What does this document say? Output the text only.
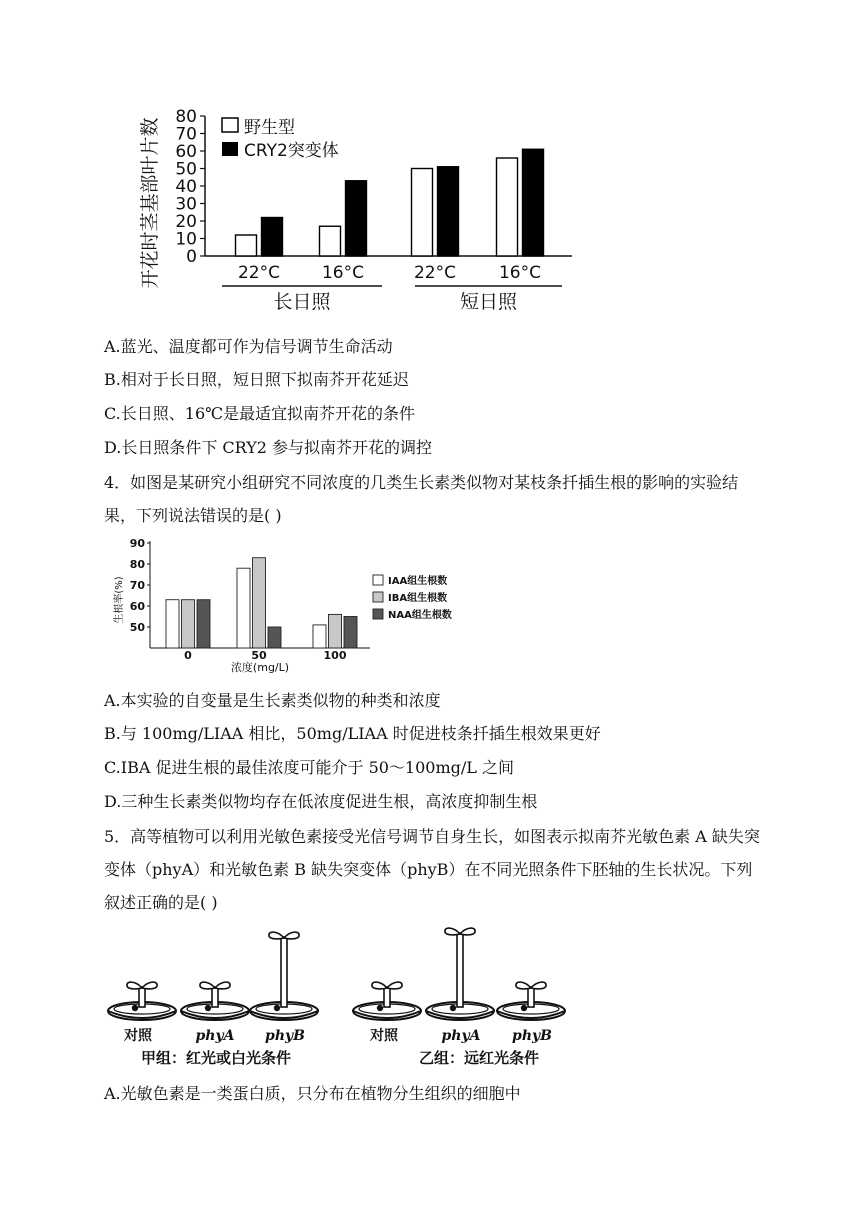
开花时茎基部叶片数 0
10
20
30
40
50
60
70
80
22°C 16°C	22°C	16°C
长日照	短日照
野生型
CRY2突变体
A.蓝光、温度都可作为信号调节生命活动
B.相对于长日照，短日照下拟南芥开花延迟
C.长日照、16℃是最适宜拟南芥开花的条件
D.长日照条件下 CRY2 参与拟南芥开花的调控
4．如图是某研究小组研究不同浓度的几类生长素类似物对某枝条扦插生根的影响的实验结果，下列说法错误的是( )
生根率(%)
50
60
70
80
90
0	50	100
浓度(mg/L)
IAA组生根数
IBA组生根数
NAA组生根数
A.本实验的自变量是生长素类似物的种类和浓度
B.与 100mg/LIAA 相比，50mg/LIAA 时促进枝条扦插生根效果更好
C.IBA 促进生根的最佳浓度可能介于 50～100mg/L 之间
D.三种生长素类似物均存在低浓度促进生根，高浓度抑制生根
5．高等植物可以利用光敏色素接受光信号调节自身生长，如图表示拟南芥光敏色素 A 缺失突变体（phyA）和光敏色素 B 缺失突变体（phyB）在不同光照条件下胚轴的生长状况。下列叙述正确的是( )
对照	phyA phyB
甲组：红光或白光条件
对照	phyA phyB
乙组：远红光条件
A.光敏色素是一类蛋白质，只分布在植物分生组织的细胞中
